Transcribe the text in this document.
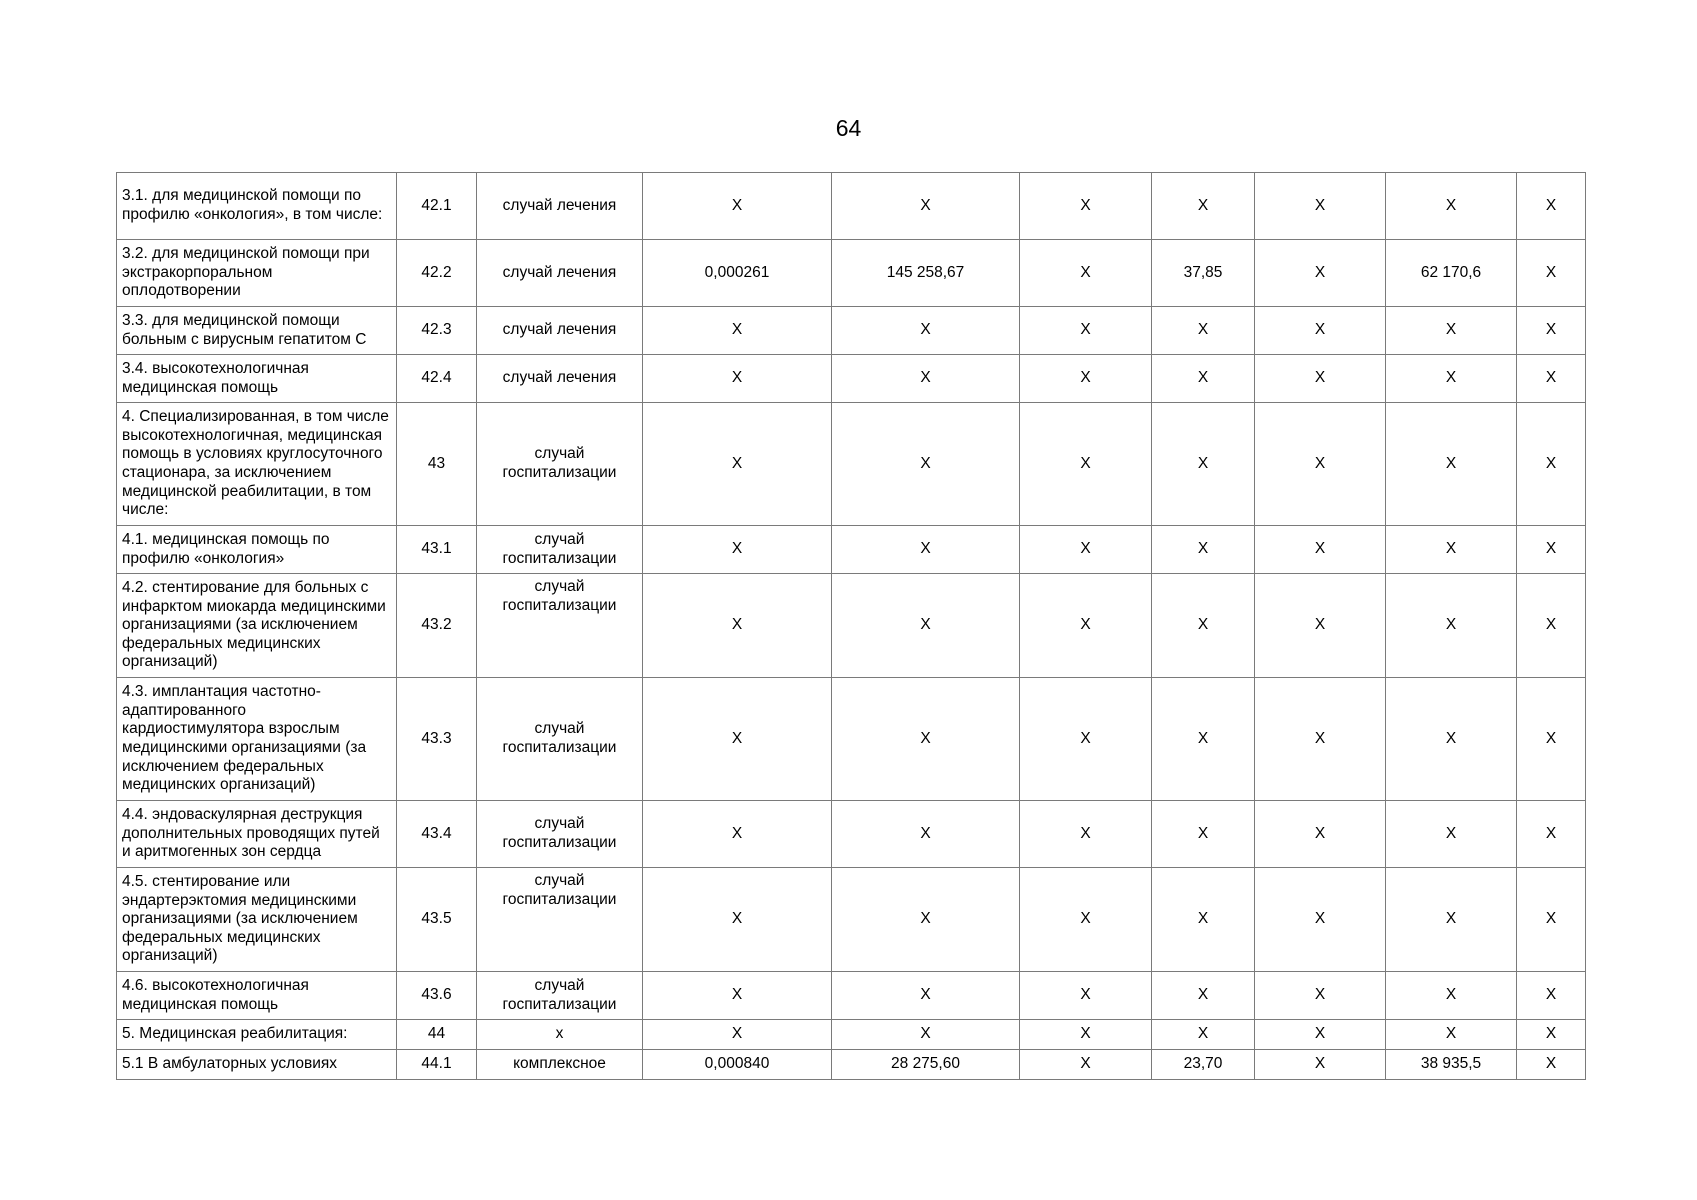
64
3.1. для медицинской помощи по профилю «онкология», в том числе:	42.1	случай лечения	X	X	X	X	X	X	X
3.2. для медицинской помощи при экстракорпоральном оплодотворении	42.2	случай лечения	0,000261	145 258,67	X	37,85	X	62 170,6	X
3.3. для медицинской помощи больным с вирусным гепатитом С	42.3	случай лечения	X	X	X	X	X	X	X
3.4. высокотехнологичная медицинская помощь	42.4	случай лечения	X	X	X	X	X	X	X
4. Специализированная, в том числе высокотехнологичная, медицинская помощь в условиях круглосуточного стационара, за исключением медицинской реабилитации, в том числе:	43	случай госпитализации	X	X	X	X	X	X	X
4.1. медицинская помощь по профилю «онкология»	43.1	случай госпитализации	X	X	X	X	X	X	X
4.2. стентирование для больных с инфарктом миокарда медицинскими организациями (за исключением федеральных медицинских организаций)	43.2	случай госпитализации	X	X	X	X	X	X	X
4.3. имплантация частотно-адаптированного кардиостимулятора взрослым медицинскими организациями (за исключением федеральных медицинских организаций)	43.3	случай госпитализации	X	X	X	X	X	X	X
4.4. эндоваскулярная деструкция дополнительных проводящих путей и аритмогенных зон сердца	43.4	случай госпитализации	X	X	X	X	X	X	X
4.5. стентирование или эндартерэктомия медицинскими организациями (за исключением федеральных медицинских организаций)	43.5	случай госпитализации	X	X	X	X	X	X	X
4.6. высокотехнологичная медицинская помощь	43.6	случай госпитализации	X	X	X	X	X	X	X
5. Медицинская реабилитация:	44	х	X	X	X	X	X	X	X
5.1 В амбулаторных условиях	44.1	комплексное	0,000840	28 275,60	X	23,70	X	38 935,5	X
